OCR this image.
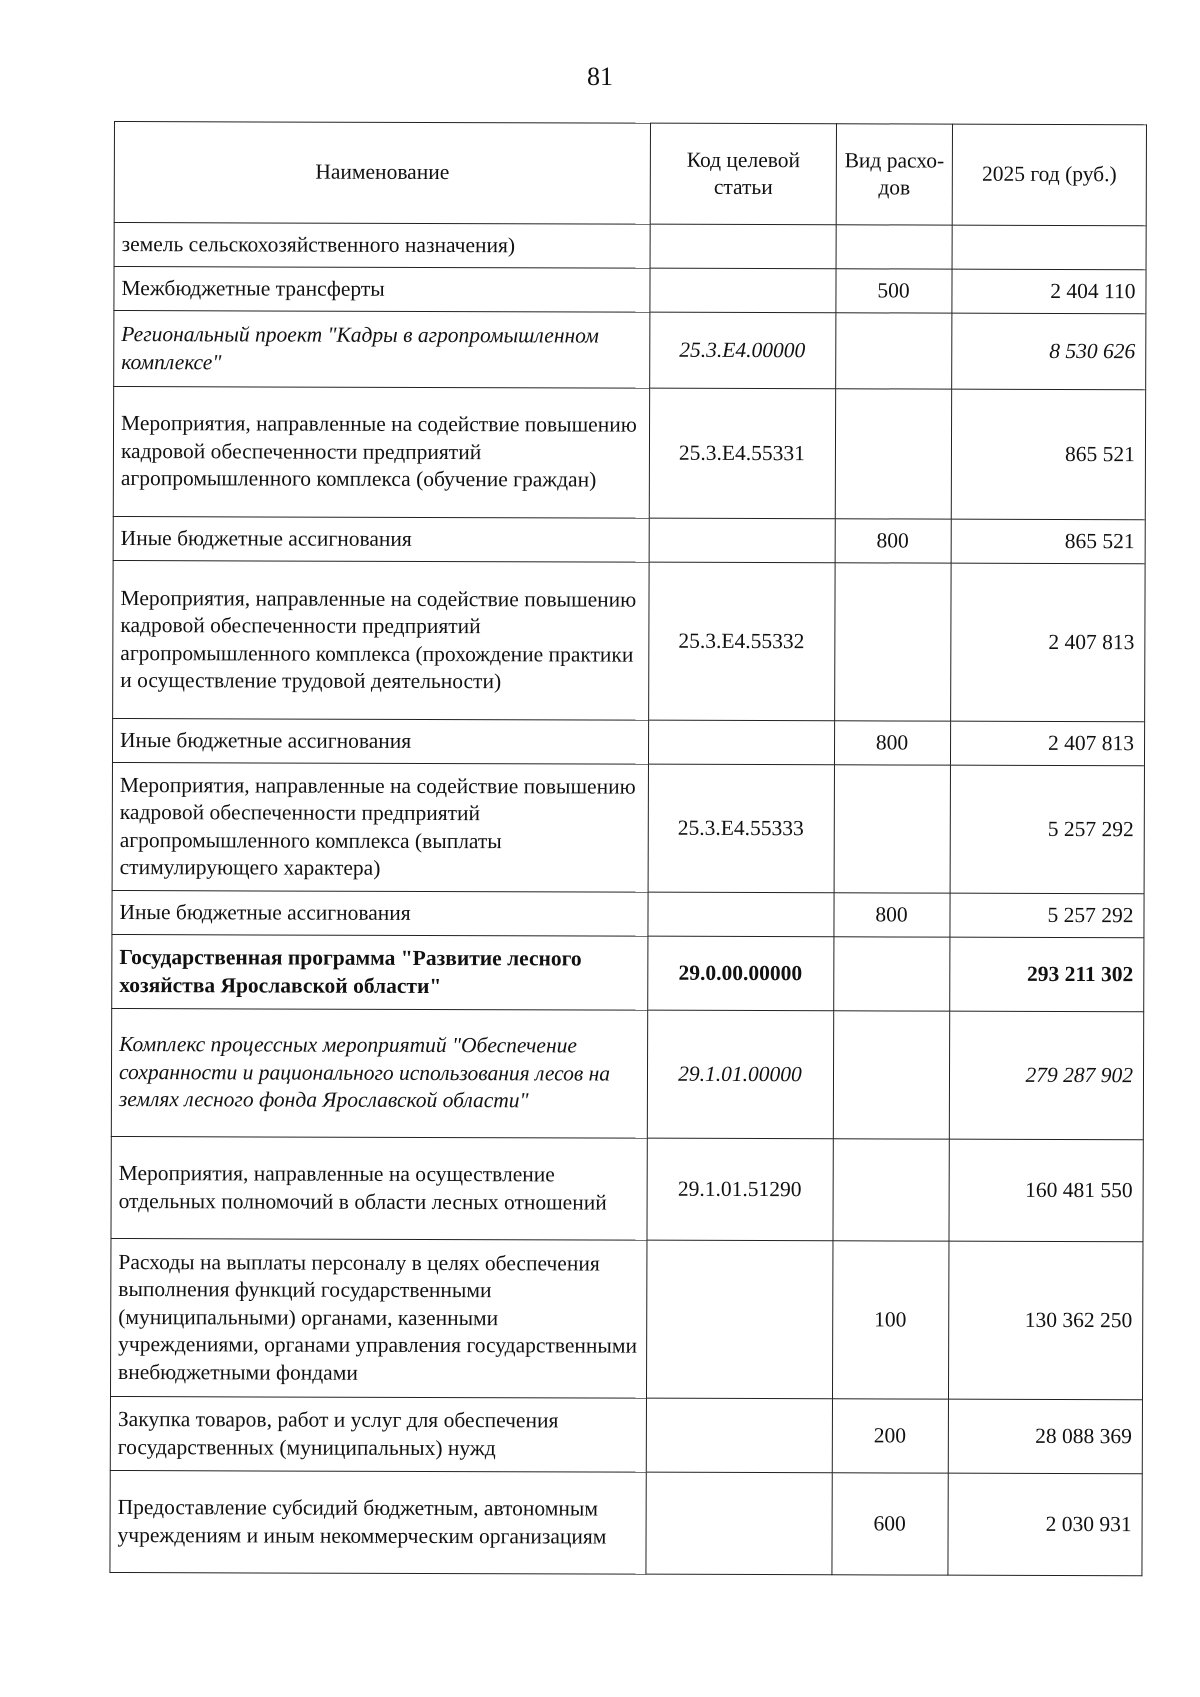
81
Наименование	Код целевой статьи	Вид расхо-дов	2025 год (руб.)
земель сельскохозяйственного назначения)			
Межбюджетные трансферты		500	2 404 110
Региональный проект "Кадры в агропромышленном комплексе"	25.3.Е4.00000		8 530 626
Мероприятия, направленные на содействие повышению кадровой обеспеченности предприятий агропромышленного комплекса (обучение граждан)	25.3.Е4.55331		865 521
Иные бюджетные ассигнования		800	865 521
Мероприятия, направленные на содействие повышению кадровой обеспеченности предприятий агропромышленного комплекса (прохождение практики и осуществление трудовой деятельности)	25.3.Е4.55332		2 407 813
Иные бюджетные ассигнования		800	2 407 813
Мероприятия, направленные на содействие повышению кадровой обеспеченности предприятий агропромышленного комплекса (выплаты стимулирующего характера)	25.3.Е4.55333		5 257 292
Иные бюджетные ассигнования		800	5 257 292
Государственная программа "Развитие лесного хозяйства Ярославской области"	29.0.00.00000		293 211 302
Комплекс процессных мероприятий "Обеспечение сохранности и рационального использования лесов на землях лесного фонда Ярославской области"	29.1.01.00000		279 287 902
Мероприятия, направленные на осуществление отдельных полномочий в области лесных отношений	29.1.01.51290		160 481 550
Расходы на выплаты персоналу в целях обеспечения выполнения функций государственными (муниципальными) органами, казенными учреждениями, органами управления государственными внебюджетными фондами		100	130 362 250
Закупка товаров, работ и услуг для обеспечения государственных (муниципальных) нужд		200	28 088 369
Предоставление субсидий бюджетным, автономным учреждениям и иным некоммерческим организациям		600	2 030 931
